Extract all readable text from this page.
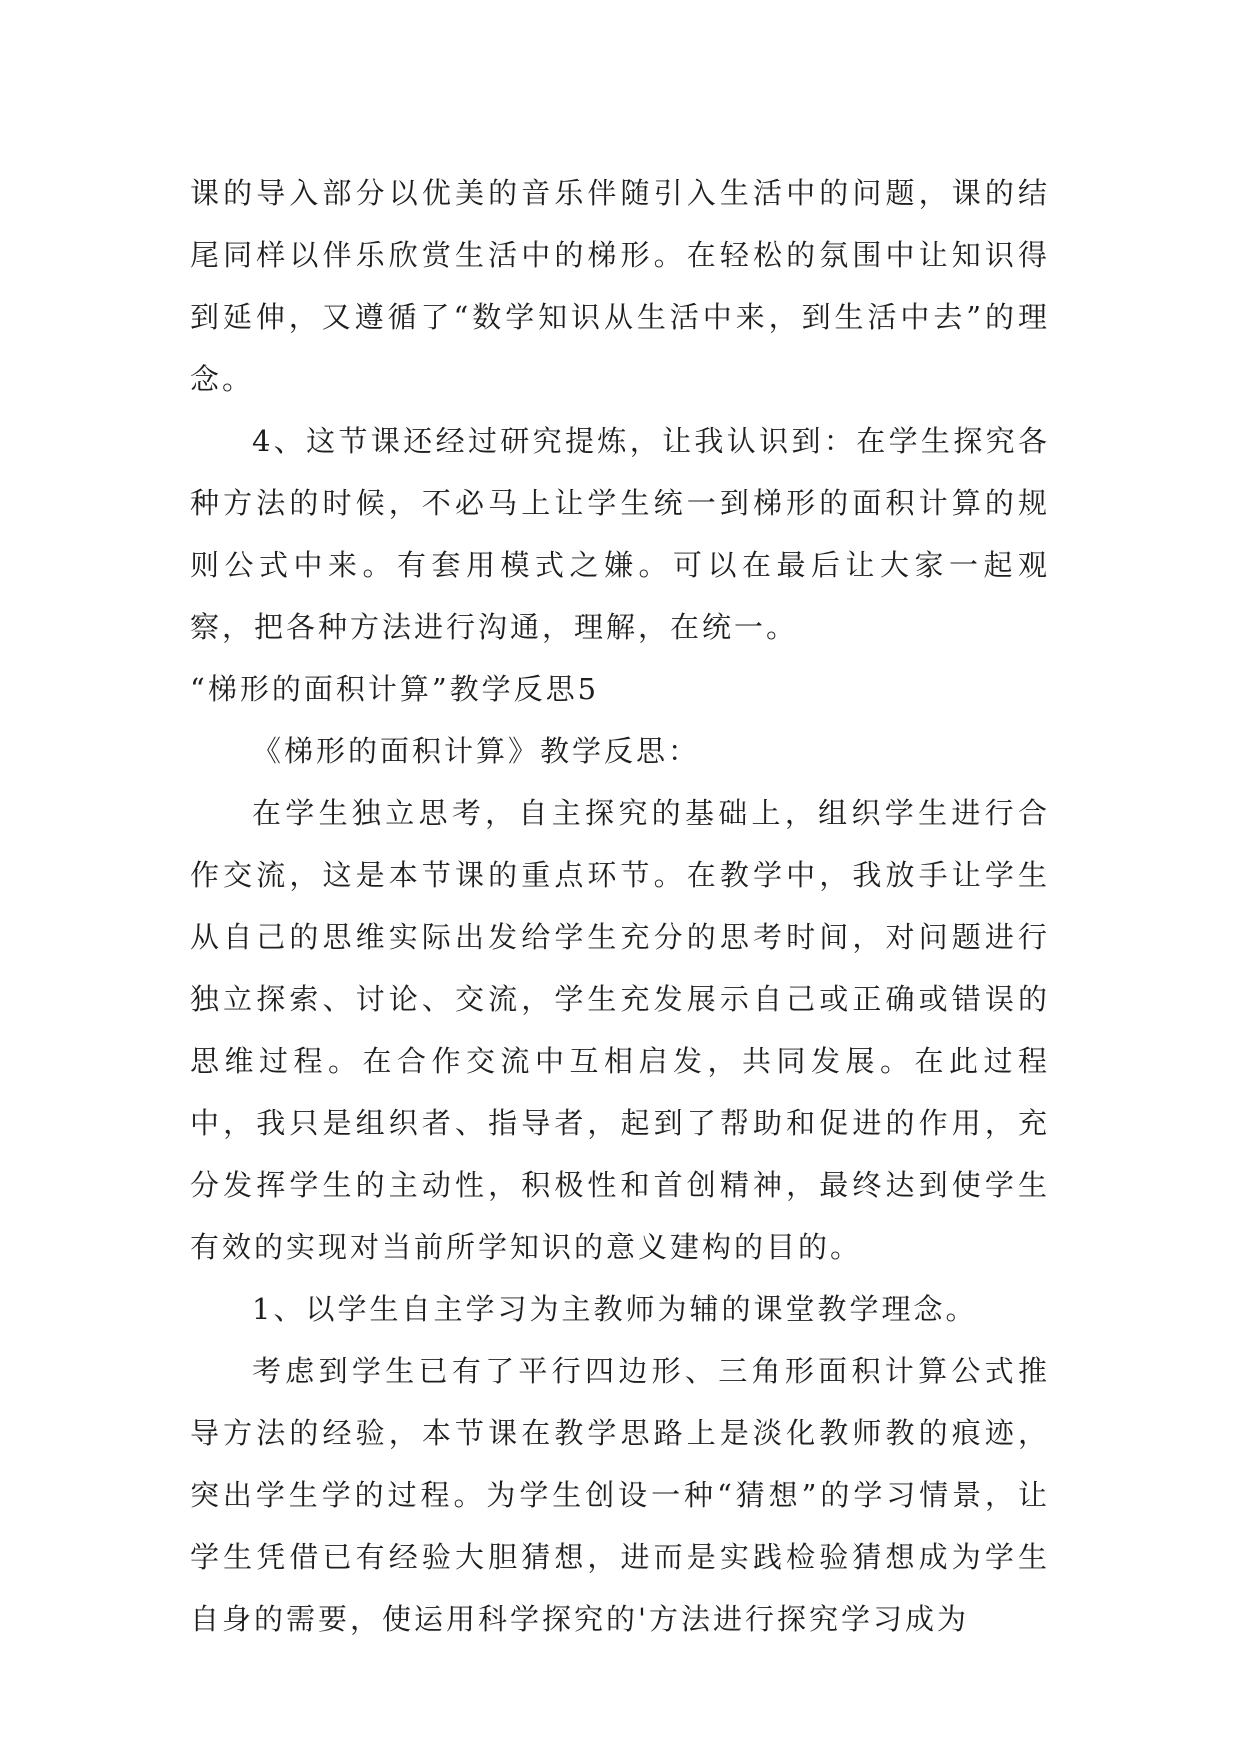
课的导入部分以优美的音乐伴随引入生活中的问题，课的结尾同样以伴乐欣赏生活中的梯形。在轻松的氛围中让知识得到延伸，又遵循了“数学知识从生活中来，到生活中去”的理念。

4、这节课还经过研究提炼，让我认识到：在学生探究各种方法的时候，不必马上让学生统一到梯形的面积计算的规则公式中来。有套用模式之嫌。可以在最后让大家一起观察，把各种方法进行沟通，理解，在统一。

“梯形的面积计算”教学反思5

《梯形的面积计算》教学反思：

在学生独立思考，自主探究的基础上，组织学生进行合作交流，这是本节课的重点环节。在教学中，我放手让学生从自己的思维实际出发给学生充分的思考时间，对问题进行独立探索、讨论、交流，学生充发展示自己或正确或错误的思维过程。在合作交流中互相启发，共同发展。在此过程中，我只是组织者、指导者，起到了帮助和促进的作用，充分发挥学生的主动性，积极性和首创精神，最终达到使学生有效的实现对当前所学知识的意义建构的目的。

1、以学生自主学习为主教师为辅的课堂教学理念。

考虑到学生已有了平行四边形、三角形面积计算公式推导方法的经验，本节课在教学思路上是淡化教师教的痕迹，突出学生学的过程。为学生创设一种“猜想”的学习情景，让学生凭借已有经验大胆猜想，进而是实践检验猜想成为学生自身的需要，使运用科学探究的'方法进行探究学习成为
